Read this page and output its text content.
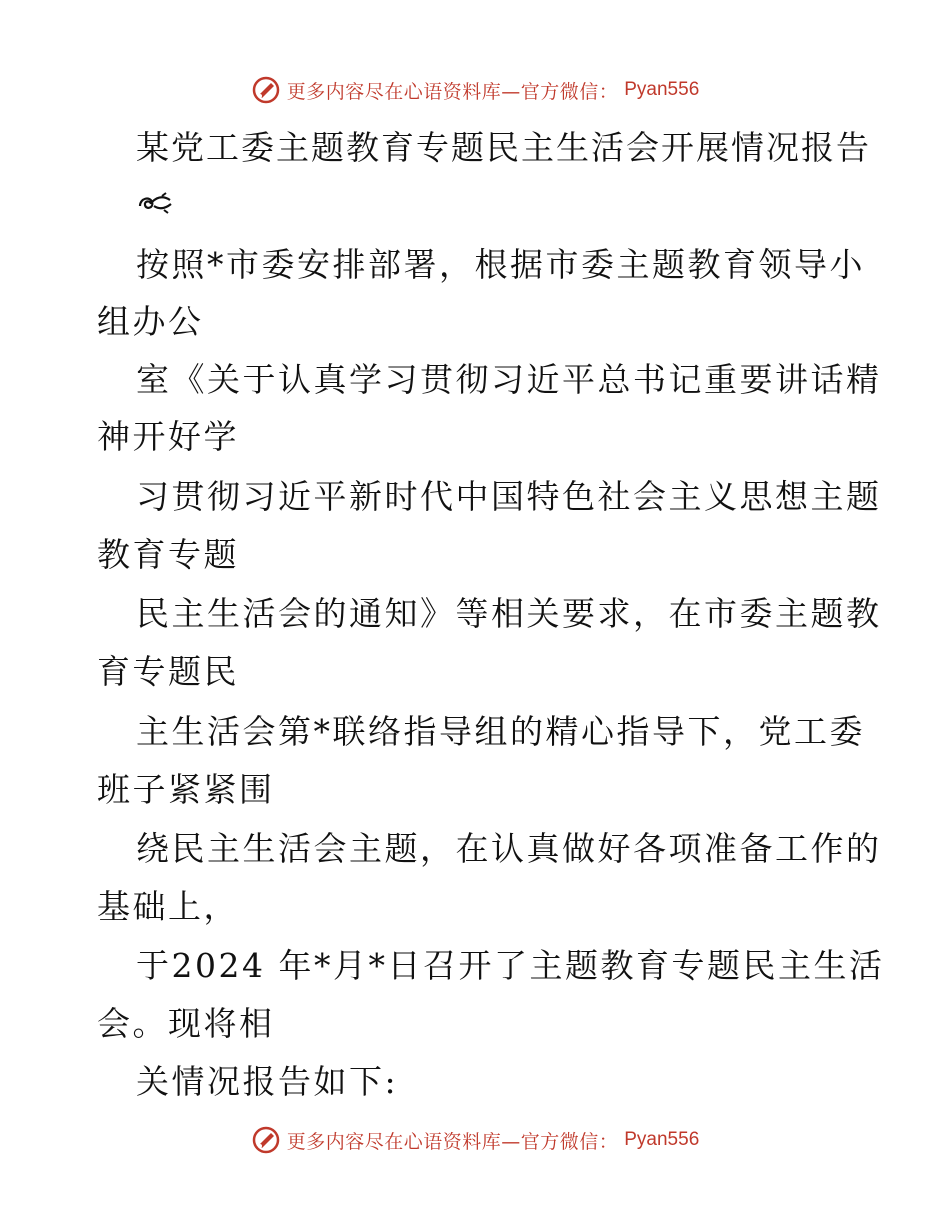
更多内容尽在心语资料库—官方微信： Pyan556
某党工委主题教育专题民主生活会开展情况报告
按照*市委安排部署，根据市委主题教育领导小
组办公
室《关于认真学习贯彻习近平总书记重要讲话精
神开好学
习贯彻习近平新时代中国特色社会主义思想主题
教育专题
民主生活会的通知》等相关要求，在市委主题教
育专题民
主生活会第*联络指导组的精心指导下，党工委
班子紧紧围
绕民主生活会主题，在认真做好各项准备工作的
基础上，
于2024 年*月*日召开了主题教育专题民主生活
会。现将相
关情况报告如下:
更多内容尽在心语资料库—官方微信： Pyan556
